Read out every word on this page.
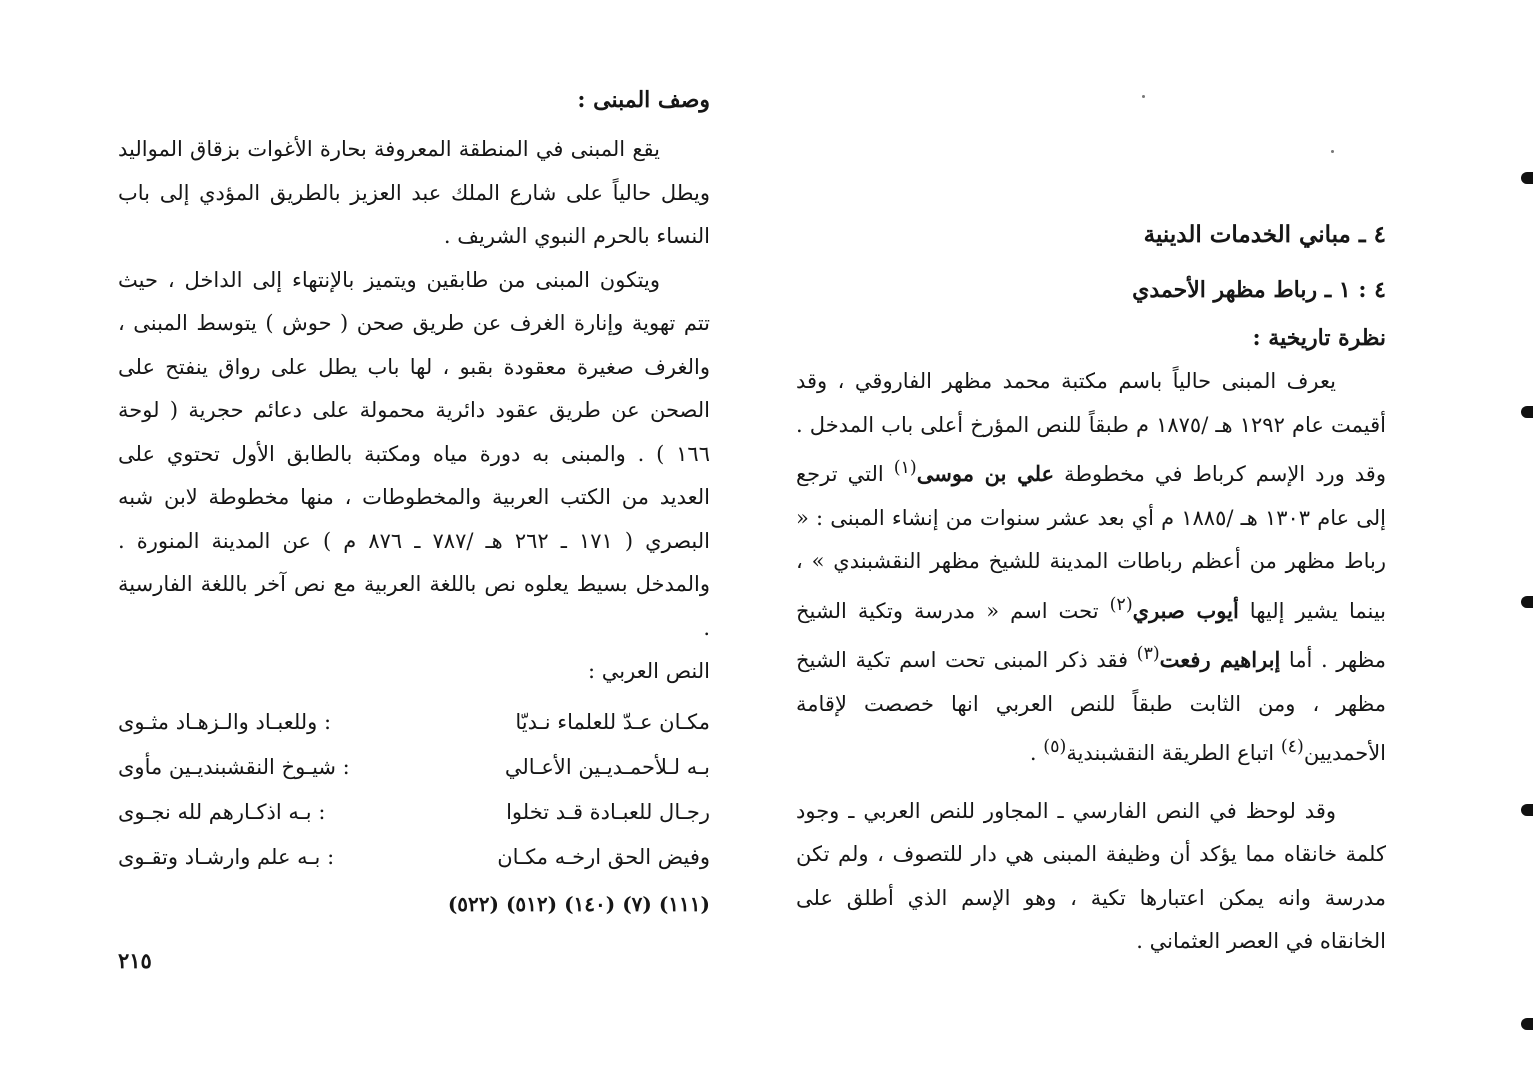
وصف المبنى :

يقع المبنى في المنطقة المعروفة بحارة الأغوات بزقاق المواليد ويطل حالياً على شارع الملك عبد العزيز بالطريق المؤدي إلى باب النساء بالحرم النبوي الشريف .

ويتكون المبنى من طابقين ويتميز بالإنتهاء إلى الداخل ، حيث تتم تهوية وإنارة الغرف عن طريق صحن ( حوش ) يتوسط المبنى ، والغرف صغيرة معقودة بقبو ، لها باب يطل على رواق ينفتح على الصحن عن طريق عقود دائرية محمولة على دعائم حجرية ( لوحة ١٦٦ ) . والمبنى به دورة مياه ومكتبة بالطابق الأول تحتوي على العديد من الكتب العربية والمخطوطات ، منها مخطوطة لابن شبه البصري ( ١٧١ ـ ٢٦٢ هـ /٧٨٧ ـ ٨٧٦ م ) عن المدينة المنورة . والمدخل بسيط يعلوه نص باللغة العربية مع نص آخر باللغة الفارسية .

النص العربي :

مكـان عـدّ للعلماء نـديّا
: وللعبـاد والـزهـاد مثـوى
بـه لـلأحمـديـين الأعـالي
: شيـوخ النقشبنديـين مأوى
رجـال للعبـادة قـد تخلوا
: بـه اذكـارهم لله نجـوى
وفيض الحق ارخـه مكـان
: بـه علم وارشـاد وتقـوى

(١١١) (٧) (١٤٠) (٥١٢) (٥٢٢)

٢١٥

٤ ـ مباني الخدمات الدينية

٤ : ١ ـ رباط مظهر الأحمدي

نظرة تاريخية :

يعرف المبنى حالياً باسم مكتبة محمد مظهر الفاروقي ، وقد أقيمت عام ١٢٩٢ هـ /١٨٧٥ م طبقاً للنص المؤرخ أعلى باب المدخل . وقد ورد الإسم كرباط في مخطوطة علي بن موسى$^{(١)}$ التي ترجع إلى عام ١٣٠٣ هـ /١٨٨٥ م أي بعد عشر سنوات من إنشاء المبنى : « رباط مظهر من أعظم رباطات المدينة للشيخ مظهر النقشبندي » ، بينما يشير إليها أيوب صبري$^{(٢)}$ تحت اسم « مدرسة وتكية الشيخ مظهر . أما إبراهيم رفعت$^{(٣)}$ فقد ذكر المبنى تحت اسم تكية الشيخ مظهر ، ومن الثابت طبقاً للنص العربي انها خصصت لإقامة الأحمديين$^{(٤)}$ اتباع الطريقة النقشبندية$^{(٥)}$ .

وقد لوحظ في النص الفارسي ـ المجاور للنص العربي ـ وجود كلمة خانقاه مما يؤكد أن وظيفة المبنى هي دار للتصوف ، ولم تكن مدرسة وانه يمكن اعتبارها تكية ، وهو الإسم الذي أطلق على الخانقاه في العصر العثماني .
